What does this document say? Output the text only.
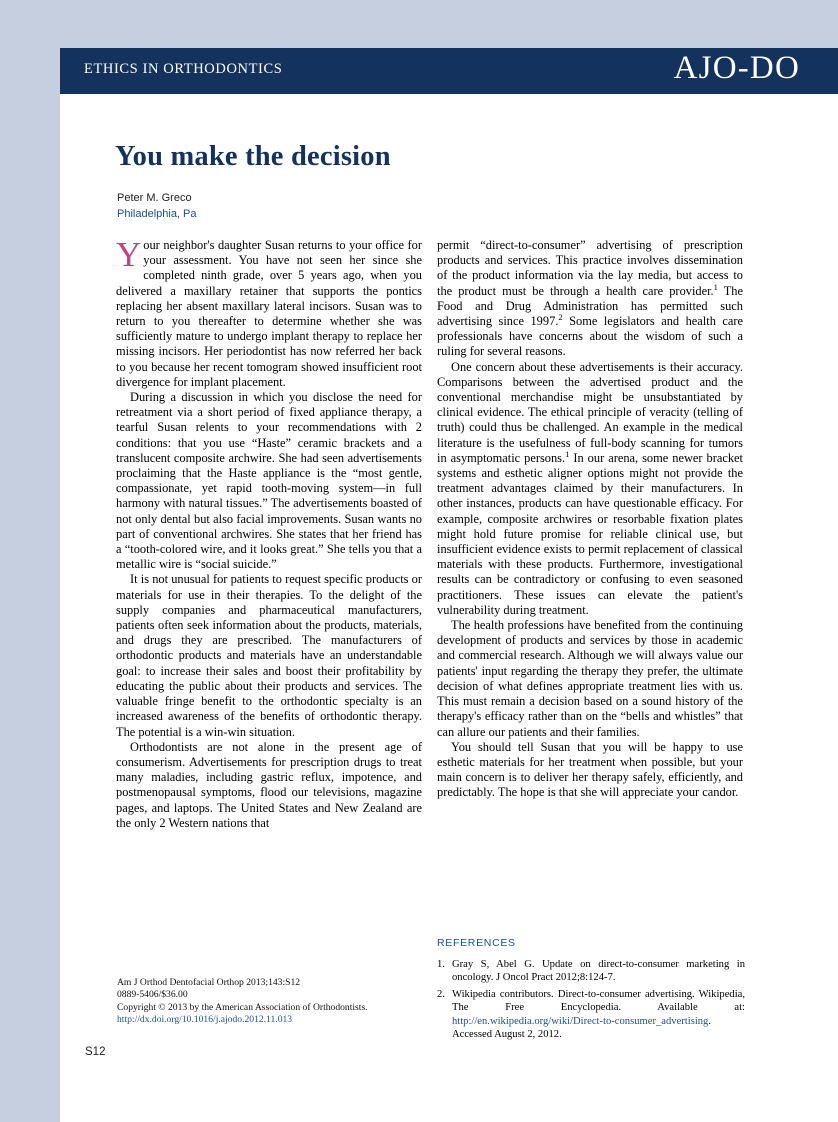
ETHICS IN ORTHODONTICS	AJO-DO
You make the decision
Peter M. Greco
Philadelphia, Pa

Your neighbor's daughter Susan returns to your office for your assessment. You have not seen her since she completed ninth grade, over 5 years ago, when you delivered a maxillary retainer that supports the pontics replacing her absent maxillary lateral incisors. Susan was to return to you thereafter to determine whether she was sufficiently mature to undergo implant therapy to replace her missing incisors. Her periodontist has now referred her back to you because her recent tomogram showed insufficient root divergence for implant placement.

During a discussion in which you disclose the need for retreatment via a short period of fixed appliance therapy, a tearful Susan relents to your recommendations with 2 conditions: that you use “Haste” ceramic brackets and a translucent composite archwire. She had seen advertisements proclaiming that the Haste appliance is the “most gentle, compassionate, yet rapid tooth-moving system—in full harmony with natural tissues.” The advertisements boasted of not only dental but also facial improvements. Susan wants no part of conventional archwires. She states that her friend has a “tooth-colored wire, and it looks great.” She tells you that a metallic wire is “social suicide.”

It is not unusual for patients to request specific products or materials for use in their therapies. To the delight of the supply companies and pharmaceutical manufacturers, patients often seek information about the products, materials, and drugs they are prescribed. The manufacturers of orthodontic products and materials have an understandable goal: to increase their sales and boost their profitability by educating the public about their products and services. The valuable fringe benefit to the orthodontic specialty is an increased awareness of the benefits of orthodontic therapy. The potential is a win-win situation.

Orthodontists are not alone in the present age of consumerism. Advertisements for prescription drugs to treat many maladies, including gastric reflux, impotence, and postmenopausal symptoms, flood our televisions, magazine pages, and laptops. The United States and New Zealand are the only 2 Western nations that

permit “direct-to-consumer” advertising of prescription products and services. This practice involves dissemination of the product information via the lay media, but access to the product must be through a health care provider.$^1$ The Food and Drug Administration has permitted such advertising since 1997.$^2$ Some legislators and health care professionals have concerns about the wisdom of such a ruling for several reasons.

One concern about these advertisements is their accuracy. Comparisons between the advertised product and the conventional merchandise might be unsubstantiated by clinical evidence. The ethical principle of veracity (telling of truth) could thus be challenged. An example in the medical literature is the usefulness of full-body scanning for tumors in asymptomatic persons.$^1$ In our arena, some newer bracket systems and esthetic aligner options might not provide the treatment advantages claimed by their manufacturers. In other instances, products can have questionable efficacy. For example, composite archwires or resorbable fixation plates might hold future promise for reliable clinical use, but insufficient evidence exists to permit replacement of classical materials with these products. Furthermore, investigational results can be contradictory or confusing to even seasoned practitioners. These issues can elevate the patient's vulnerability during treatment.

The health professions have benefited from the continuing development of products and services by those in academic and commercial research. Although we will always value our patients' input regarding the therapy they prefer, the ultimate decision of what defines appropriate treatment lies with us. This must remain a decision based on a sound history of the therapy's efficacy rather than on the “bells and whistles” that can allure our patients and their families.

You should tell Susan that you will be happy to use esthetic materials for her treatment when possible, but your main concern is to deliver her therapy safely, efficiently, and predictably. The hope is that she will appreciate your candor.

REFERENCES
1. Gray S, Abel G. Update on direct-to-consumer marketing in oncology. J Oncol Pract 2012;8:124-7.
2. Wikipedia contributors. Direct-to-consumer advertising. Wikipedia, The Free Encyclopedia. Available at: http://en.wikipedia.org/wiki/Direct-to-consumer_advertising. Accessed August 2, 2012.
Am J Orthod Dentofacial Orthop 2013;143:S12
0889-5406/$36.00
Copyright © 2013 by the American Association of Orthodontists.
http://dx.doi.org/10.1016/j.ajodo.2012.11.013
S12
